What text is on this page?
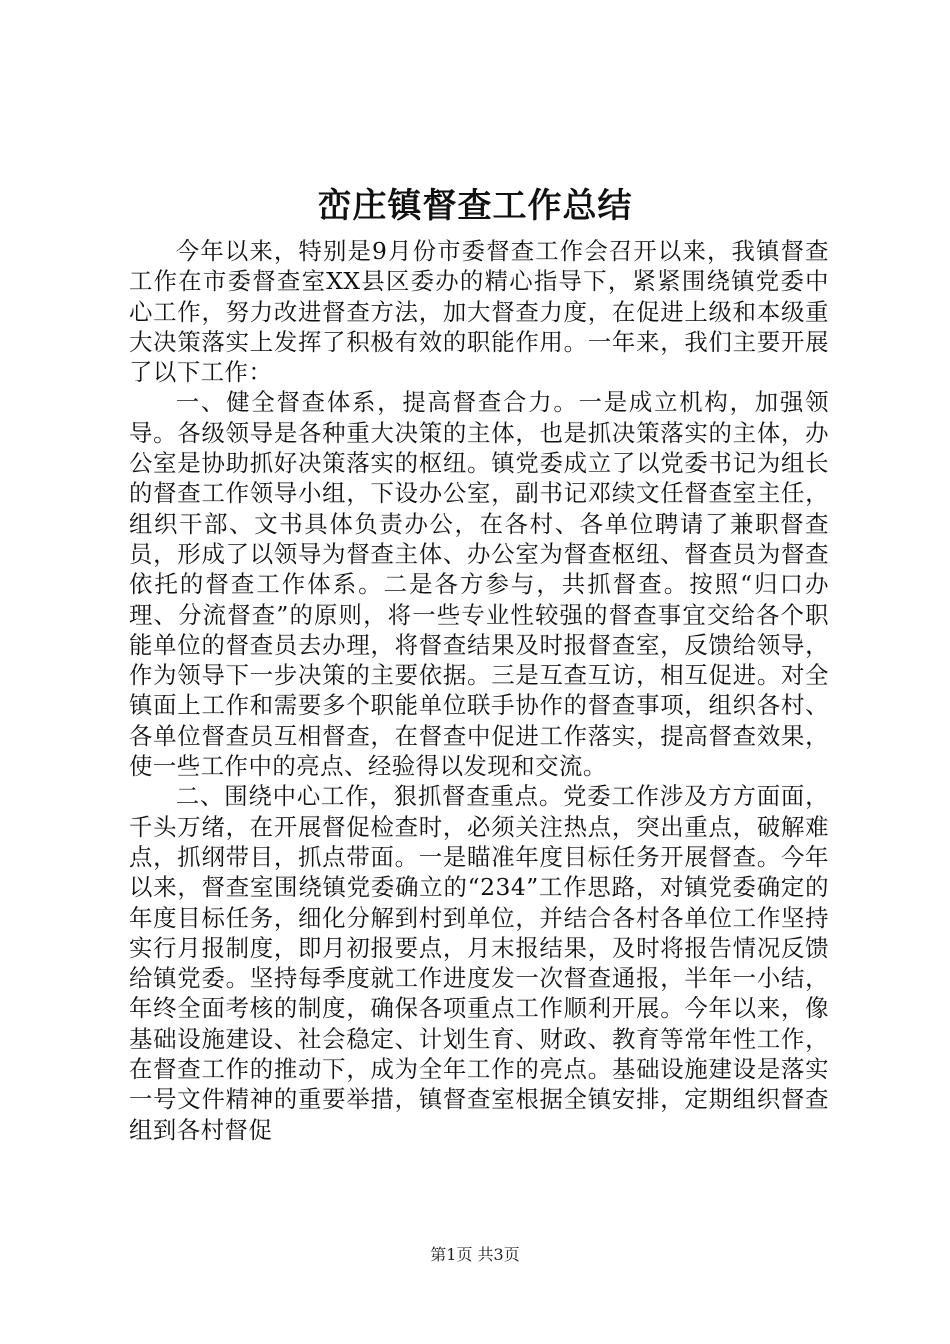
峦庄镇督查工作总结

今年以来，特别是9月份市委督查工作会召开以来，我镇督查工作在市委督查室XX县区委办的精心指导下，紧紧围绕镇党委中心工作，努力改进督查方法，加大督查力度，在促进上级和本级重大决策落实上发挥了积极有效的职能作用。一年来，我们主要开展了以下工作：

一、健全督查体系，提高督查合力。一是成立机构，加强领导。各级领导是各种重大决策的主体，也是抓决策落实的主体，办公室是协助抓好决策落实的枢纽。镇党委成立了以党委书记为组长的督查工作领导小组，下设办公室，副书记邓续文任督查室主任，组织干部、文书具体负责办公，在各村、各单位聘请了兼职督查员，形成了以领导为督查主体、办公室为督查枢纽、督查员为督查依托的督查工作体系。二是各方参与，共抓督查。按照“归口办理、分流督查”的原则，将一些专业性较强的督查事宜交给各个职能单位的督查员去办理，将督查结果及时报督查室，反馈给领导，作为领导下一步决策的主要依据。三是互查互访，相互促进。对全镇面上工作和需要多个职能单位联手协作的督查事项，组织各村、各单位督查员互相督查，在督查中促进工作落实，提高督查效果，使一些工作中的亮点、经验得以发现和交流。

二、围绕中心工作，狠抓督查重点。党委工作涉及方方面面，千头万绪，在开展督促检查时，必须关注热点，突出重点，破解难点，抓纲带目，抓点带面。一是瞄准年度目标任务开展督查。今年以来，督查室围绕镇党委确立的“234”工作思路，对镇党委确定的年度目标任务，细化分解到村到单位，并结合各村各单位工作坚持实行月报制度，即月初报要点，月末报结果，及时将报告情况反馈给镇党委。坚持每季度就工作进度发一次督查通报，半年一小结，年终全面考核的制度，确保各项重点工作顺利开展。今年以来，像基础设施建设、社会稳定、计划生育、财政、教育等常年性工作，在督查工作的推动下，成为全年工作的亮点。基础设施建设是落实一号文件精神的重要举措，镇督查室根据全镇安排，定期组织督查组到各村督促

第1页 共3页
